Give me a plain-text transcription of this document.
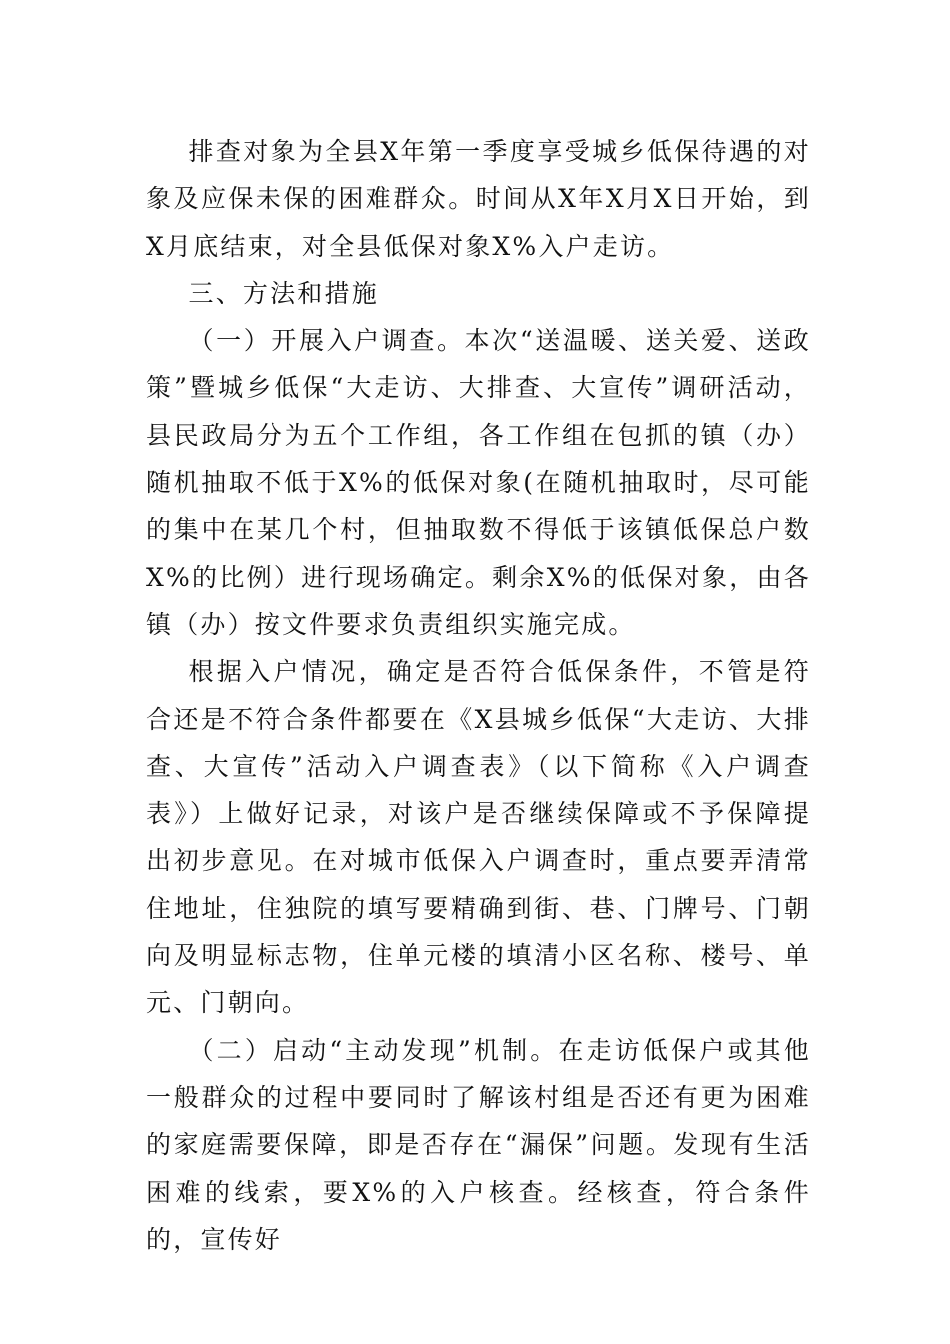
排查对象为全县X年第一季度享受城乡低保待遇的对象及应保未保的困难群众。时间从X年X月X日开始，到X月底结束，对全县低保对象X%入户走访。

三、方法和措施

（一）开展入户调查。本次“送温暖、送关爱、送政策”暨城乡低保“大走访、大排查、大宣传”调研活动，县民政局分为五个工作组，各工作组在包抓的镇（办）随机抽取不低于X%的低保对象(在随机抽取时，尽可能的集中在某几个村，但抽取数不得低于该镇低保总户数X%的比例）进行现场确定。剩余X%的低保对象，由各镇（办）按文件要求负责组织实施完成。

根据入户情况，确定是否符合低保条件，不管是符合还是不符合条件都要在《X县城乡低保“大走访、大排查、大宣传”活动入户调查表》（以下简称《入户调查表》）上做好记录，对该户是否继续保障或不予保障提出初步意见。在对城市低保入户调查时，重点要弄清常住地址，住独院的填写要精确到街、巷、门牌号、门朝向及明显标志物，住单元楼的填清小区名称、楼号、单元、门朝向。

（二）启动“主动发现”机制。在走访低保户或其他一般群众的过程中要同时了解该村组是否还有更为困难的家庭需要保障，即是否存在“漏保”问题。发现有生活困难的线索，要X%的入户核查。经核查，符合条件的，宣传好
